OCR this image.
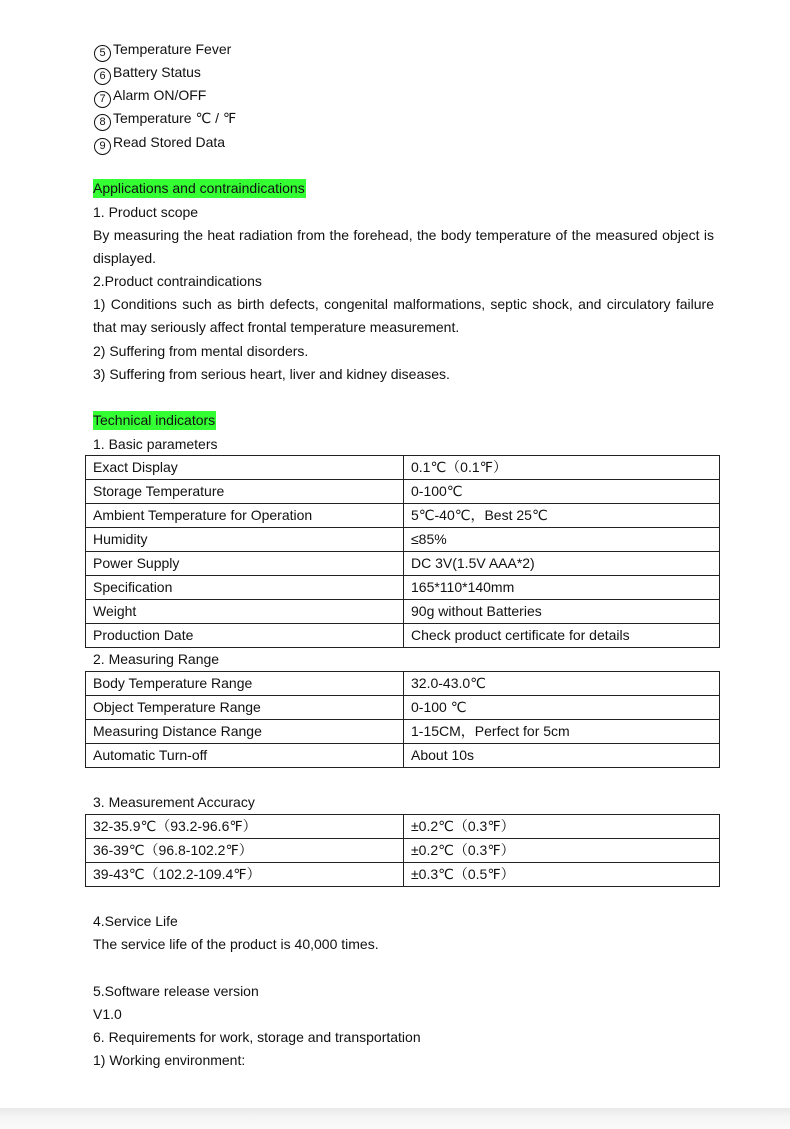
5 Temperature Fever
6 Battery Status
7 Alarm ON/OFF
8 Temperature ℃ / ℉
9 Read Stored Data
Applications and contraindications
1. Product scope
By measuring the heat radiation from the forehead, the body temperature of the measured object is displayed.
2.Product contraindications
1) Conditions such as birth defects, congenital malformations, septic shock, and circulatory failure that may seriously affect frontal temperature measurement.
2) Suffering from mental disorders.
3) Suffering from serious heart, liver and kidney diseases.
Technical indicators
1. Basic parameters
Exact Display	0.1℃（0.1℉）
Storage Temperature	0-100℃
Ambient Temperature for Operation	5℃-40℃，Best 25℃
Humidity	≤85%
Power Supply	DC 3V(1.5V AAA*2)
Specification	165*110*140mm
Weight	90g without Batteries
Production Date	Check product certificate for details
2. Measuring Range
Body Temperature Range	32.0-43.0℃
Object Temperature Range	0-100 ℃
Measuring Distance Range	1-15CM，Perfect for 5cm
Automatic Turn-off	About 10s
3. Measurement Accuracy
32-35.9℃（93.2-96.6℉）	±0.2℃（0.3℉）
36-39℃（96.8-102.2℉）	±0.2℃（0.3℉）
39-43℃（102.2-109.4℉）	±0.3℃（0.5℉）
4.Service Life
The service life of the product is 40,000 times.
5.Software release version
V1.0
6. Requirements for work, storage and transportation
1) Working environment:
